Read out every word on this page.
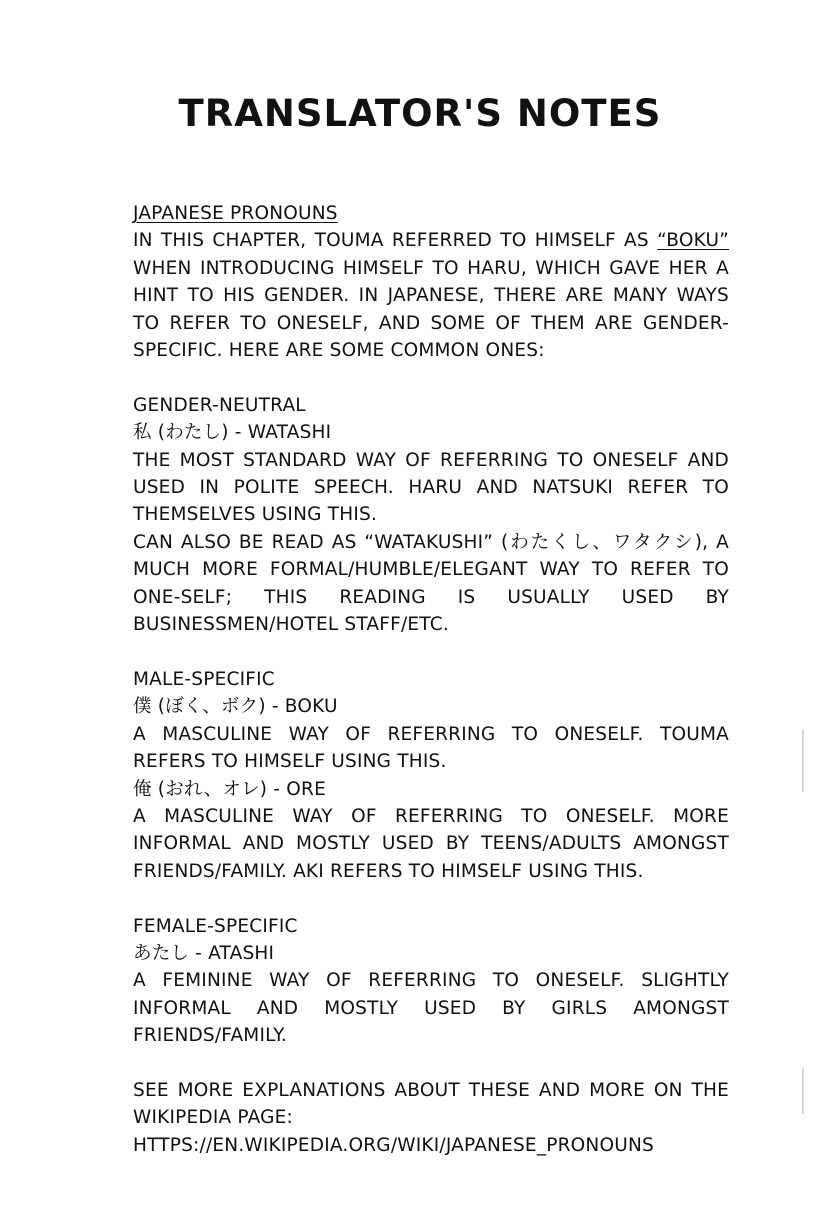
TRANSLATOR'S NOTES

JAPANESE PRONOUNS

IN THIS CHAPTER, TOUMA REFERRED TO HIMSELF AS “BOKU” WHEN INTRODUCING HIMSELF TO HARU, WHICH GAVE HER A HINT TO HIS GENDER. IN JAPANESE, THERE ARE MANY WAYS TO REFER TO ONESELF, AND SOME OF THEM ARE GENDER-SPECIFIC. HERE ARE SOME COMMON ONES:

GENDER-NEUTRAL

私 (わたし) - WATASHI

THE MOST STANDARD WAY OF REFERRING TO ONESELF AND USED IN POLITE SPEECH. HARU AND NATSUKI REFER TO THEMSELVES USING THIS.

CAN ALSO BE READ AS “WATAKUSHI” (わたくし、ワタクシ), A MUCH MORE FORMAL/HUMBLE/ELEGANT WAY TO REFER TO ONE-SELF; THIS READING IS USUALLY USED BY BUSINESSMEN/HOTEL STAFF/ETC.

MALE-SPECIFIC

僕 (ぼく、ボク) - BOKU

A MASCULINE WAY OF REFERRING TO ONESELF. TOUMA REFERS TO HIMSELF USING THIS.

俺 (おれ、オレ) - ORE

A MASCULINE WAY OF REFERRING TO ONESELF. MORE INFORMAL AND MOSTLY USED BY TEENS/ADULTS AMONGST FRIENDS/FAMILY. AKI REFERS TO HIMSELF USING THIS.

FEMALE-SPECIFIC

あたし - ATASHI

A FEMININE WAY OF REFERRING TO ONESELF. SLIGHTLY INFORMAL AND MOSTLY USED BY GIRLS AMONGST FRIENDS/FAMILY.

SEE MORE EXPLANATIONS ABOUT THESE AND MORE ON THE WIKIPEDIA PAGE:

HTTPS://EN.WIKIPEDIA.ORG/WIKI/JAPANESE_PRONOUNS
